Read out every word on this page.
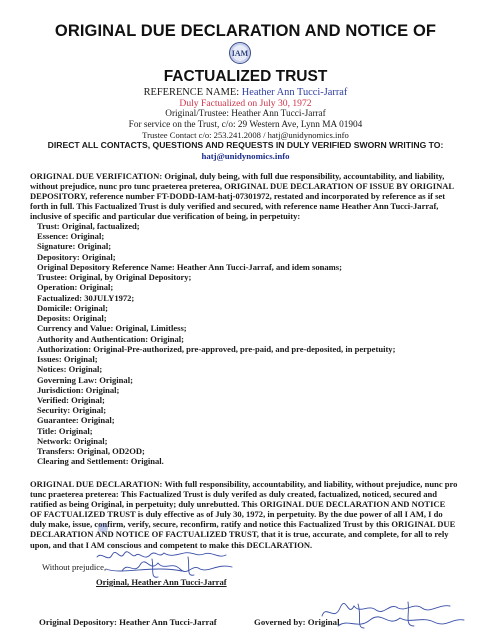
ORIGINAL DUE DECLARATION AND NOTICE OF
IAM
FACTUALIZED TRUST
REFERENCE NAME: Heather Ann Tucci-Jarraf
Duly Factualized on July 30, 1972
Original/Trustee: Heather Ann Tucci-Jarraf
For service on the Trust, c/o: 29 Western Ave, Lynn MA 01904
Trustee Contact c/o: 253.241.2008 / hatj@unidynomics.info
DIRECT ALL CONTACTS, QUESTIONS AND REQUESTS IN DULY VERIFIED SWORN WRITING TO:
hatj@unidynomics.info
ORIGINAL DUE VERIFICATION: Original, duly being, with full due responsibility, accountability, and liability,
without prejudice, nunc pro tunc praeterea preterea, ORIGINAL DUE DECLARATION OF ISSUE BY ORIGINAL
DEPOSITORY, reference number FT-DODD-IAM-hatj-07301972, restated and incorporated by reference as if set
forth in full. This Factualized Trust is duly verified and secured, with reference name Heather Ann Tucci-Jarraf,
inclusive of specific and particular due verification of being, in perpetuity:
Trust: Original, factualized;
Essence: Original;
Signature: Original;
Depository: Original;
Original Depository Reference Name: Heather Ann Tucci-Jarraf, and idem sonams;
Trustee: Original, by Original Depository;
Operation: Original;
Factualized: 30JULY1972;
Domicile: Original;
Deposits: Original;
Currency and Value: Original, Limitless;
Authority and Authentication: Original;
Authorization: Original-Pre-authorized, pre-approved, pre-paid, and pre-deposited, in perpetuity;
Issues: Original;
Notices: Original;
Governing Law: Original;
Jurisdiction: Original;
Verified: Original;
Security: Original;
Guarantee: Original;
Title: Original;
Network: Original;
Transfers: Original, OD2OD;
Clearing and Settlement: Original.
ORIGINAL DUE DECLARATION: With full responsibility, accountability, and liability, without prejudice, nunc pro
tunc praeterea preterea: This Factualized Trust is duly verifed as duly created, factualized, noticed, secured and
ratified as being Original, in perpetuity; duly unrebutted. This ORIGINAL DUE DECLARATION AND NOTICE
OF FACTUALIZED TRUST is duly effective as of July 30, 1972, in perpetuity. By the due power of all I AM, I do
duly make, issue, confirm, verify, secure, reconfirm, ratify and notice this Factualized Trust by this ORIGINAL DUE
DECLARATION AND NOTICE OF FACTUALIZED TRUST, that it is true, accurate, and complete, for all to rely
upon, and that I AM conscious and competent to make this DECLARATION.
Without prejudice,
Original, Heather Ann Tucci-Jarraf
Original Depository: Heather Ann Tucci-Jarraf	Governed by: Original
